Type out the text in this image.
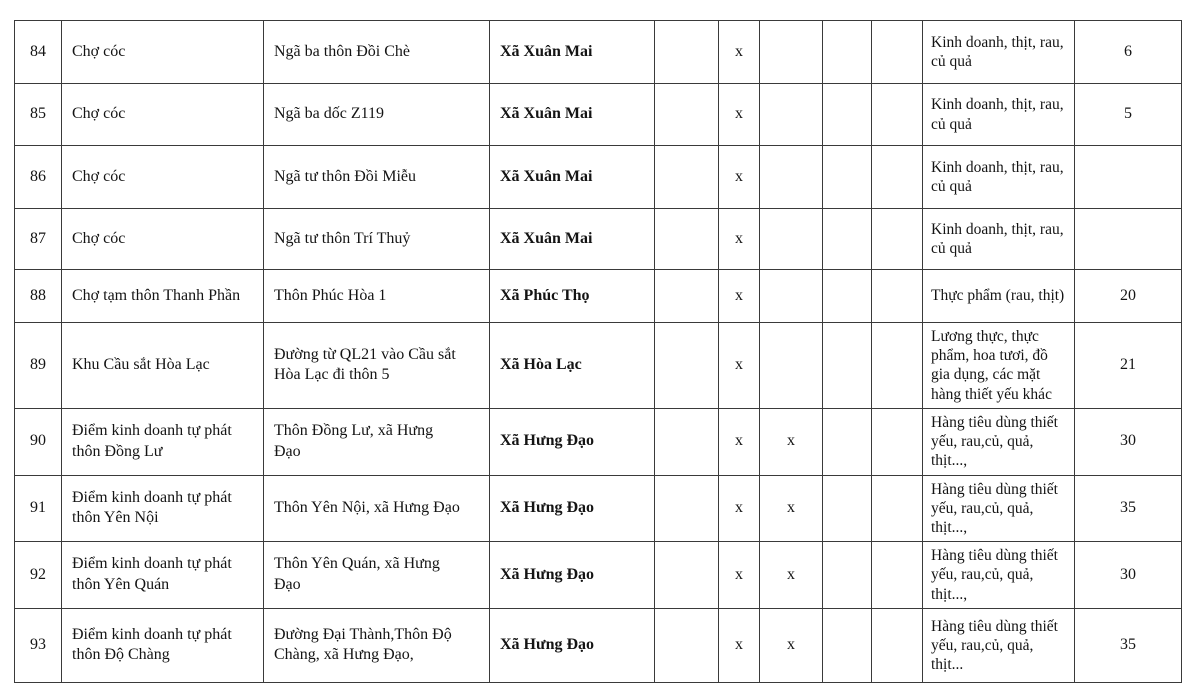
84	Chợ cóc	Ngã ba thôn Đồi Chè	Xã Xuân Mai		x				Kinh doanh, thịt, rau, củ quả	6
85	Chợ cóc	Ngã ba dốc Z119	Xã Xuân Mai		x				Kinh doanh, thịt, rau, củ quả	5
86	Chợ cóc	Ngã tư thôn Đồi Miễu	Xã Xuân Mai		x				Kinh doanh, thịt, rau, củ quả	
87	Chợ cóc	Ngã tư thôn Trí Thuỷ	Xã Xuân Mai		x				Kinh doanh, thịt, rau, củ quả	
88	Chợ tạm thôn Thanh Phần	Thôn Phúc Hòa 1	Xã Phúc Thọ		x				Thực phẩm (rau, thịt)	20
89	Khu Cầu sắt Hòa Lạc	Đường từ QL21 vào Cầu sắt Hòa Lạc đi thôn 5	Xã Hòa Lạc		x				Lương thực, thực phẩm, hoa tươi, đồ gia dụng, các mặt hàng thiết yếu khác	21
90	Điểm kinh doanh tự phát thôn Đồng Lư	Thôn Đồng Lư, xã Hưng Đạo	Xã Hưng Đạo		x	x			Hàng tiêu dùng thiết yếu, rau,củ, quả, thịt...,	30
91	Điểm kinh doanh tự phát thôn Yên Nội	Thôn Yên Nội, xã Hưng Đạo	Xã Hưng Đạo		x	x			Hàng tiêu dùng thiết yếu, rau,củ, quả, thịt...,	35
92	Điểm kinh doanh tự phát thôn Yên Quán	Thôn Yên Quán, xã Hưng Đạo	Xã Hưng Đạo		x	x			Hàng tiêu dùng thiết yếu, rau,củ, quả, thịt...,	30
93	Điểm kinh doanh tự phát thôn Độ Chàng	Đường Đại Thành,Thôn Độ Chàng, xã Hưng Đạo,	Xã Hưng Đạo		x	x			Hàng tiêu dùng thiết yếu, rau,củ, quả, thịt...	35
